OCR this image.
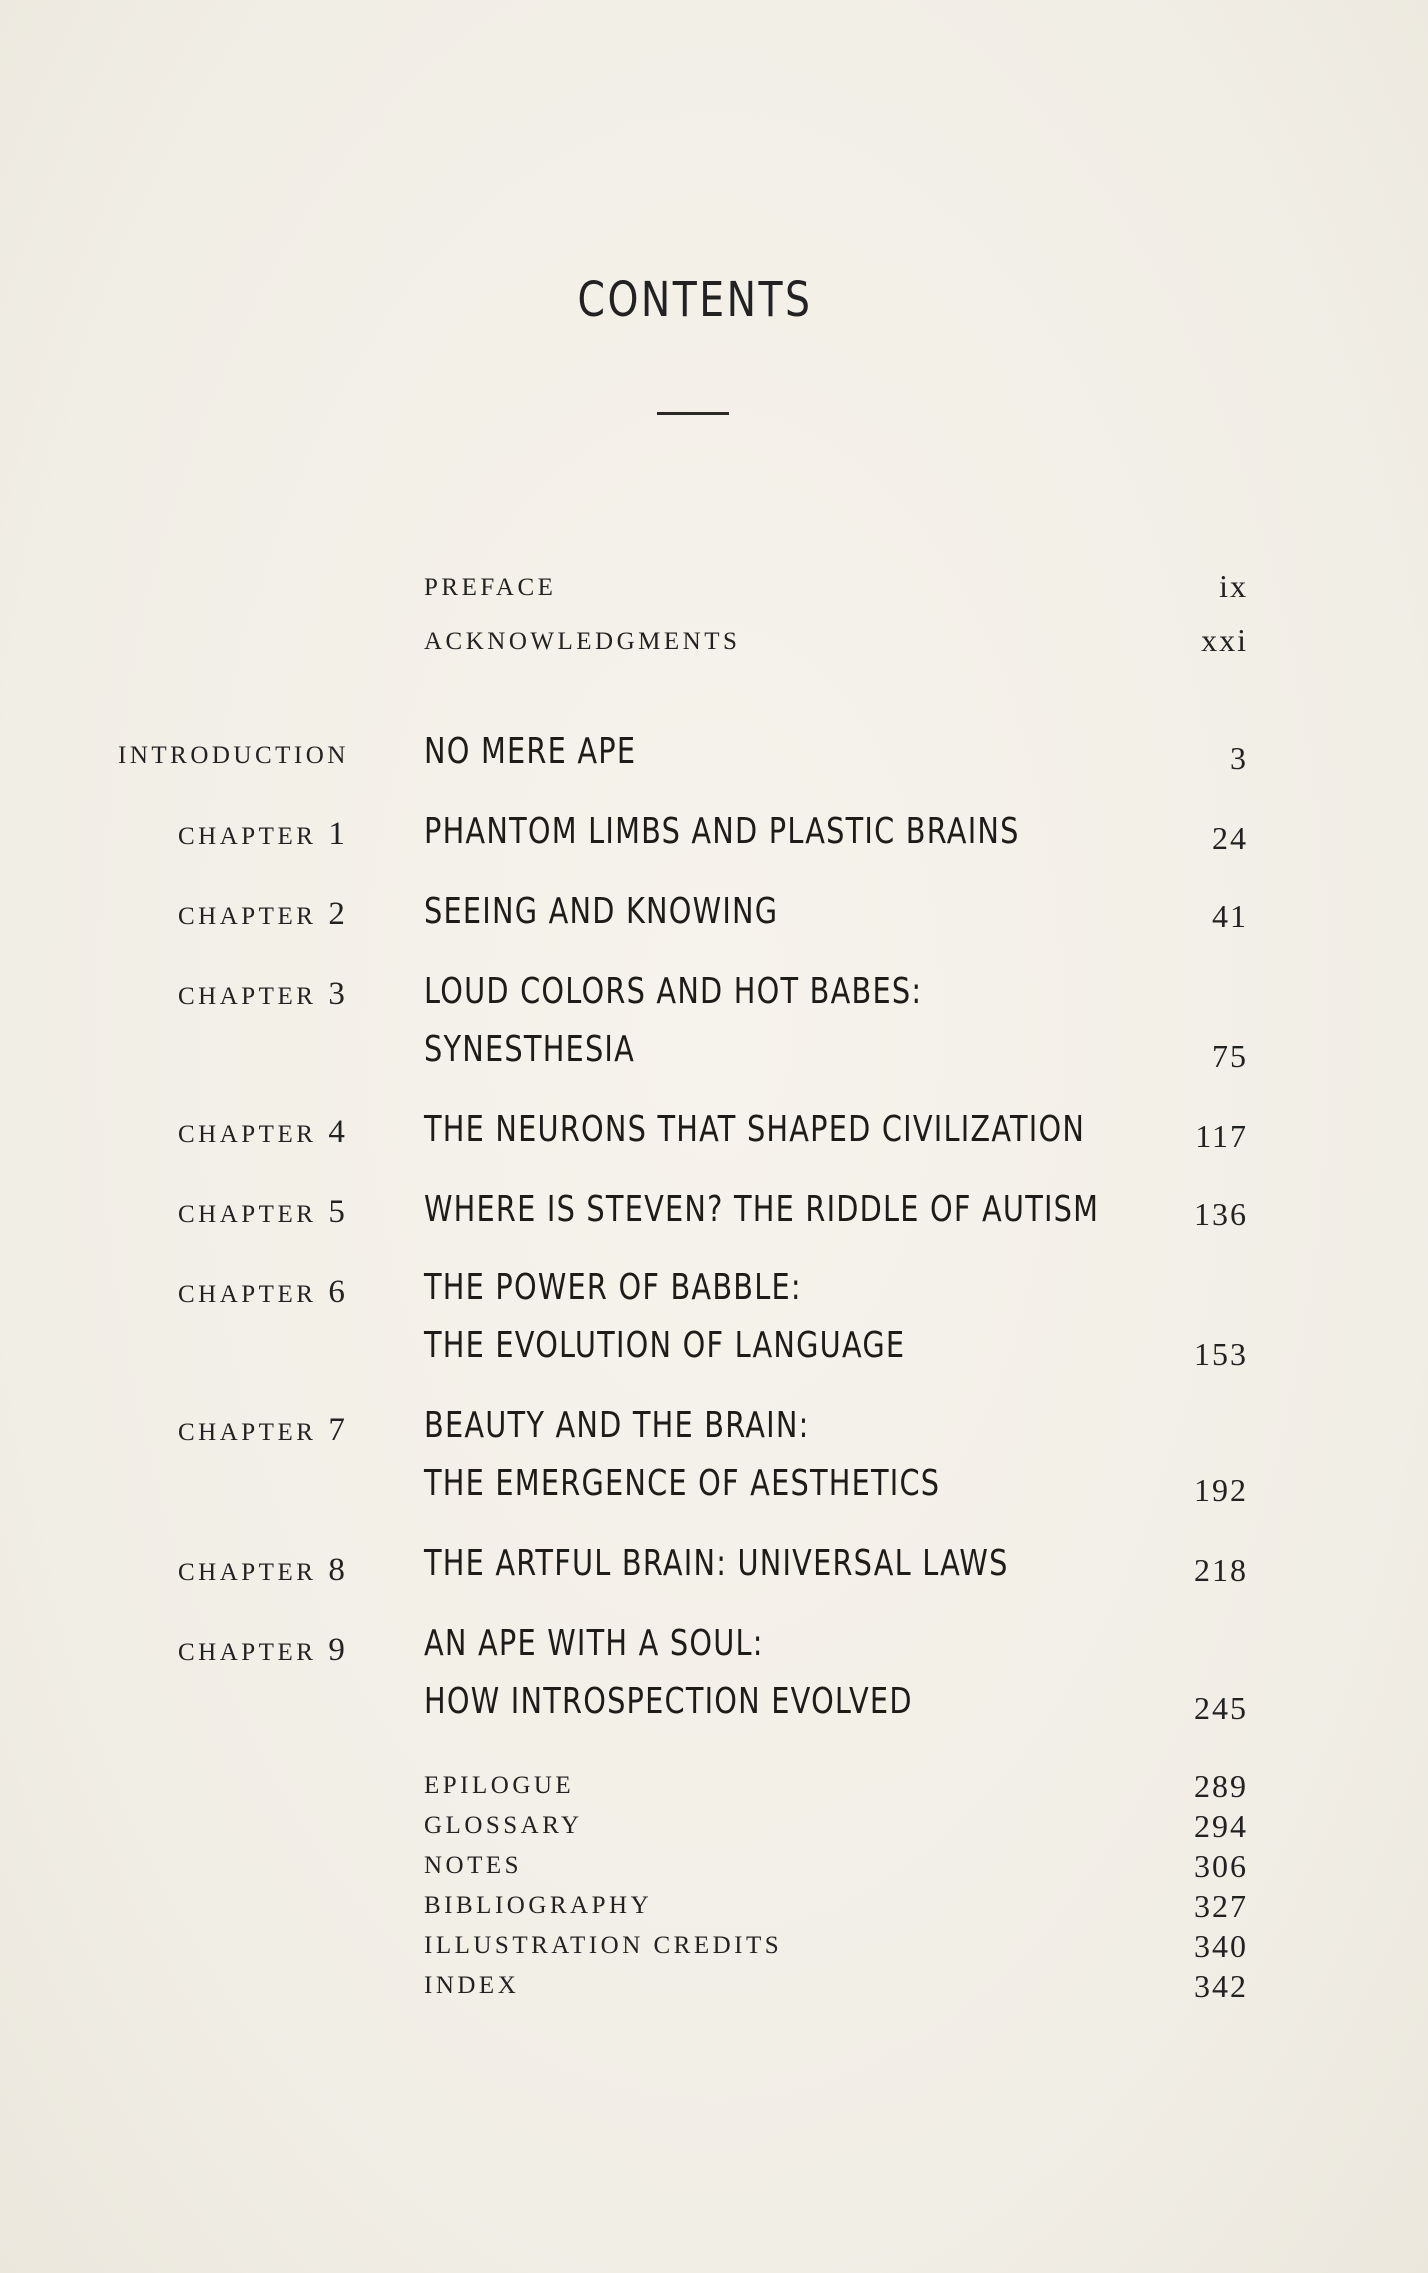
CONTENTS
PREFACE	ix
ACKNOWLEDGMENTS	xxi
INTRODUCTION NO MERE APE	3
CHAPTER 1 PHANTOM LIMBS AND PLASTIC BRAINS	24
CHAPTER 2 SEEING AND KNOWING	41
CHAPTER 3 LOUD COLORS AND HOT BABES:
SYNESTHESIA	75
CHAPTER 4 THE NEURONS THAT SHAPED CIVILIZATION	117
CHAPTER 5 WHERE IS STEVEN? THE RIDDLE OF AUTISM	136
CHAPTER 6 THE POWER OF BABBLE:
THE EVOLUTION OF LANGUAGE	153
CHAPTER 7 BEAUTY AND THE BRAIN:
THE EMERGENCE OF AESTHETICS	192
CHAPTER 8 THE ARTFUL BRAIN: UNIVERSAL LAWS	218
CHAPTER 9 AN APE WITH A SOUL:
HOW INTROSPECTION EVOLVED	245
EPILOGUE	289
GLOSSARY	294
NOTES	306
BIBLIOGRAPHY	327
ILLUSTRATION CREDITS	340
INDEX	342
